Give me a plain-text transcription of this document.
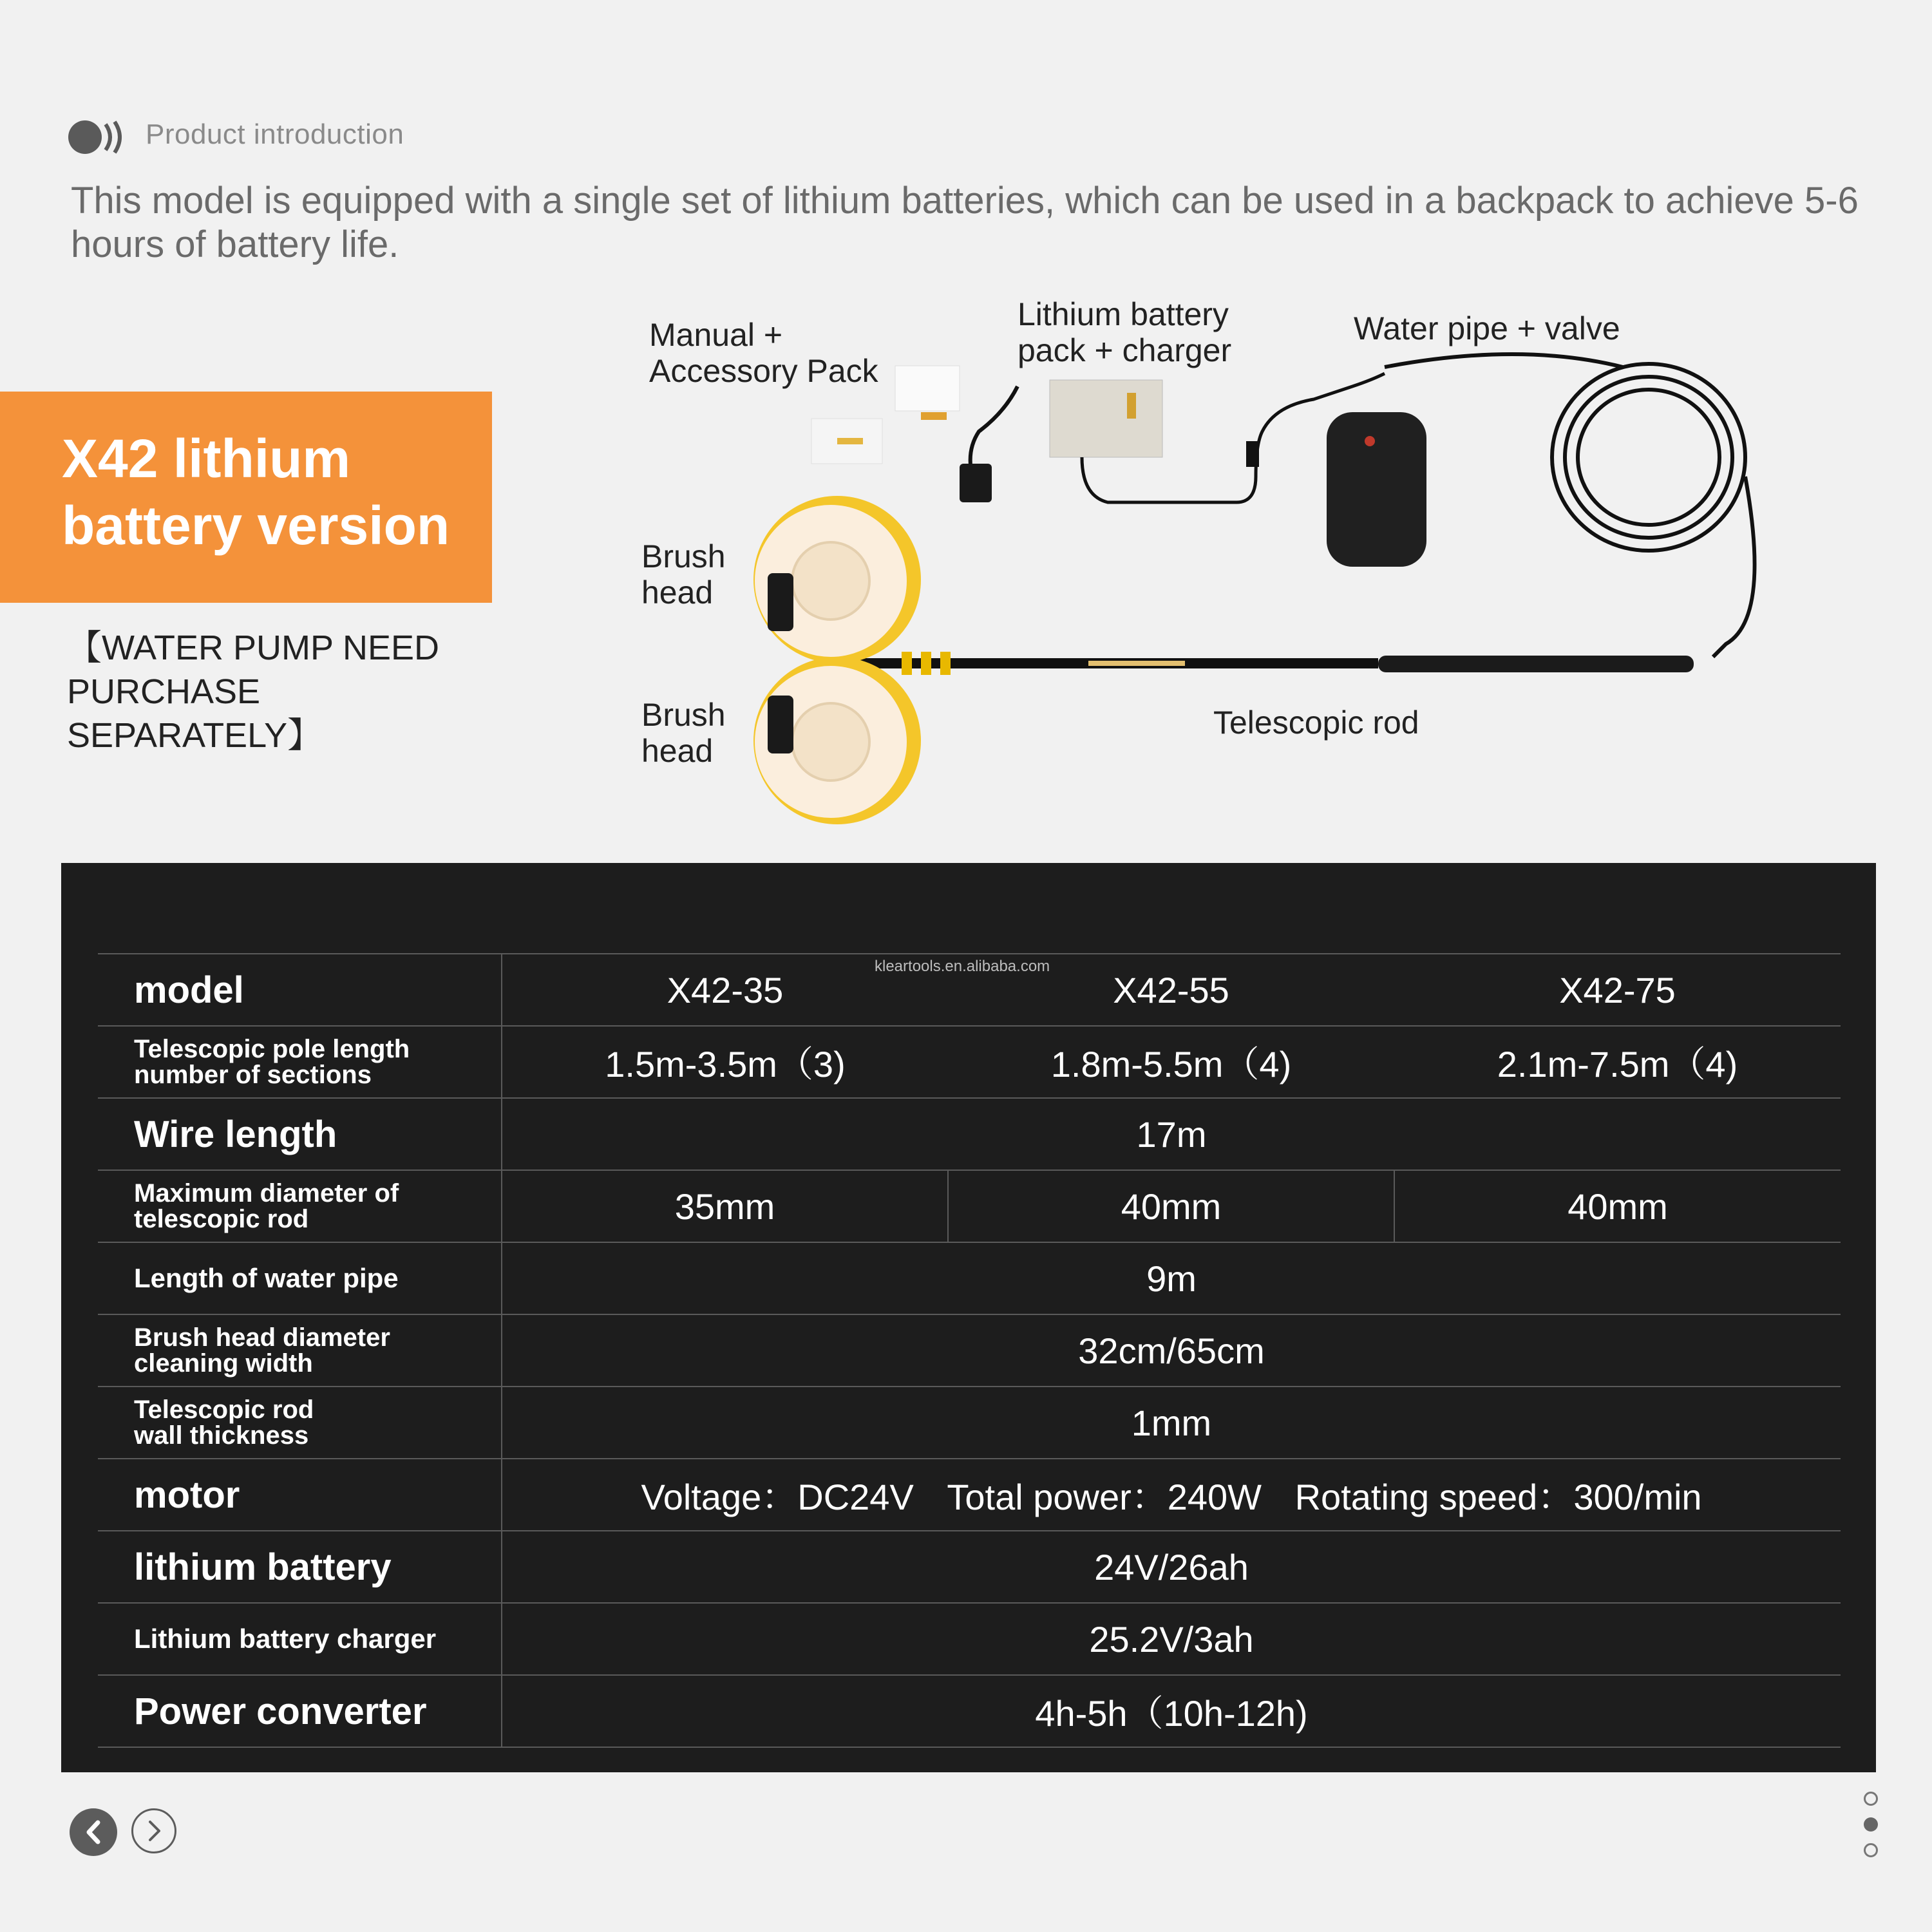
Product introduction
This model is equipped with a single set of lithium batteries, which can be used in a backpack to achieve 5-6 hours of battery life.
X42 lithium battery version
【WATER PUMP NEED PURCHASE SEPARATELY】
Manual + Accessory Pack
Lithium battery pack + charger
Water pipe + valve
Brush head
Brush head
Telescopic rod
model	X42-35	X42-55	X42-75

Telescopic pole length number of sections	1.5m-3.5m（3)	1.8m-5.5m（4)	2.1m-7.5m（4)
Wire length	17m		

Maximum diameter of telescopic rod	35mm	40mm	40mm
Length of water pipe	9m		

Brush head diameter cleaning width	32cm/65cm		

Telescopic rod wall thickness	1mm		
motor	Voltage：DC24V Total power：240W Rotating speed：300/min		
lithium battery	24V/26ah		
Lithium battery charger	25.2V/3ah		
Power converter	4h-5h（10h-12h)		
kleartools.en.alibaba.com
